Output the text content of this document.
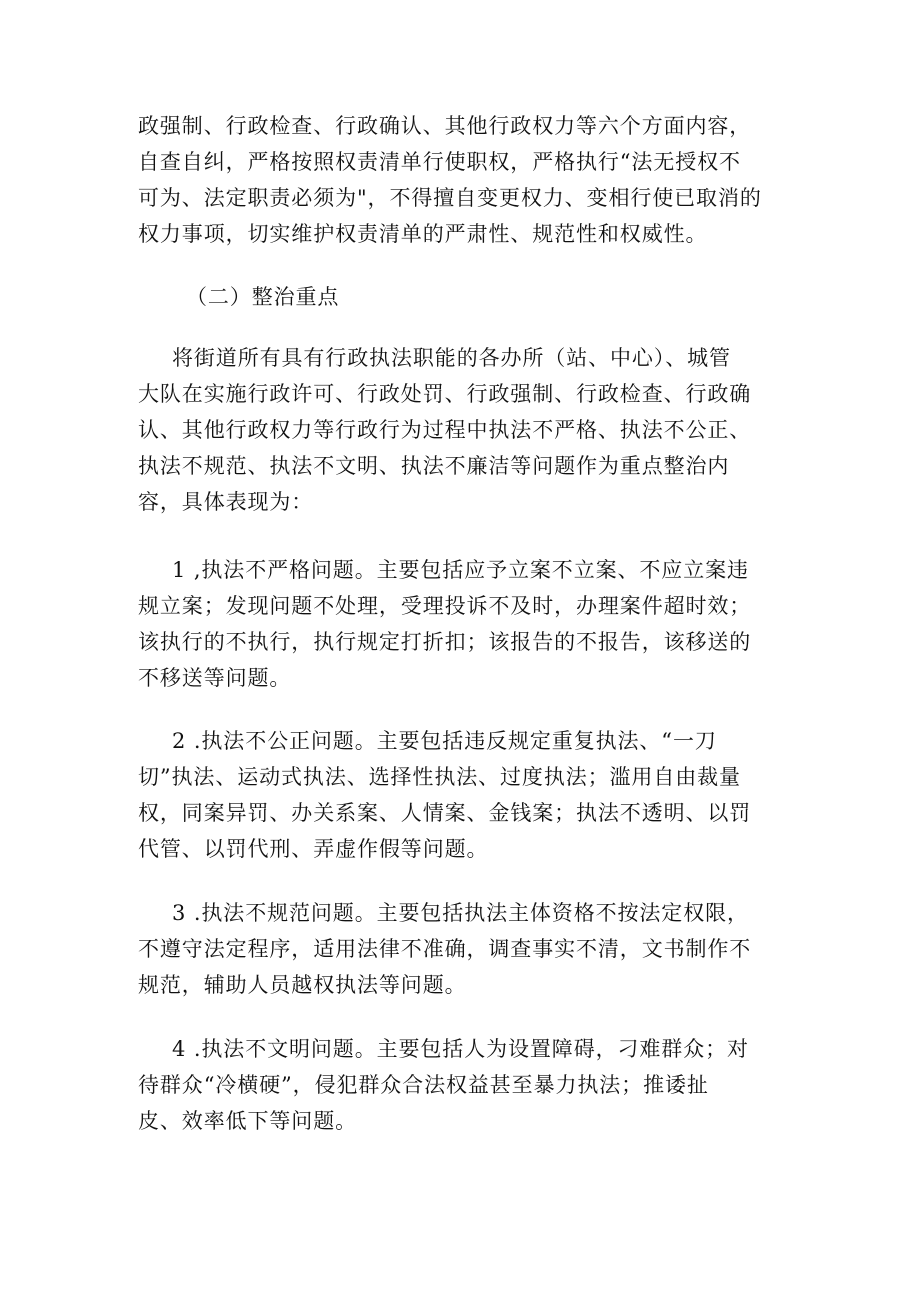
政强制、行政检查、行政确认、其他行政权力等六个方面内容，
自查自纠，严格按照权责清单行使职权，严格执行“法无授权不
可为、法定职责必须为"，不得擅自变更权力、变相行使已取消的
权力事项，切实维护权责清单的严肃性、规范性和权威性。
（二）整治重点
将街道所有具有行政执法职能的各办所（站、中心）、城管
大队在实施行政许可、行政处罚、行政强制、行政检查、行政确
认、其他行政权力等行政行为过程中执法不严格、执法不公正、
执法不规范、执法不文明、执法不廉洁等问题作为重点整治内
容，具体表现为：
1 ,执法不严格问题。主要包括应予立案不立案、不应立案违
规立案；发现问题不处理，受理投诉不及时，办理案件超时效；
该执行的不执行，执行规定打折扣；该报告的不报告，该移送的
不移送等问题。
2 .执法不公正问题。主要包括违反规定重复执法、“一刀
切”执法、运动式执法、选择性执法、过度执法；滥用自由裁量
权，同案异罚、办关系案、人情案、金钱案；执法不透明、以罚
代管、以罚代刑、弄虚作假等问题。
3 .执法不规范问题。主要包括执法主体资格不按法定权限，
不遵守法定程序，适用法律不准确，调查事实不清，文书制作不
规范，辅助人员越权执法等问题。
4 .执法不文明问题。主要包括人为设置障碍，刁难群众；对
待群众“冷横硬”，侵犯群众合法权益甚至暴力执法；推诿扯
皮、效率低下等问题。
